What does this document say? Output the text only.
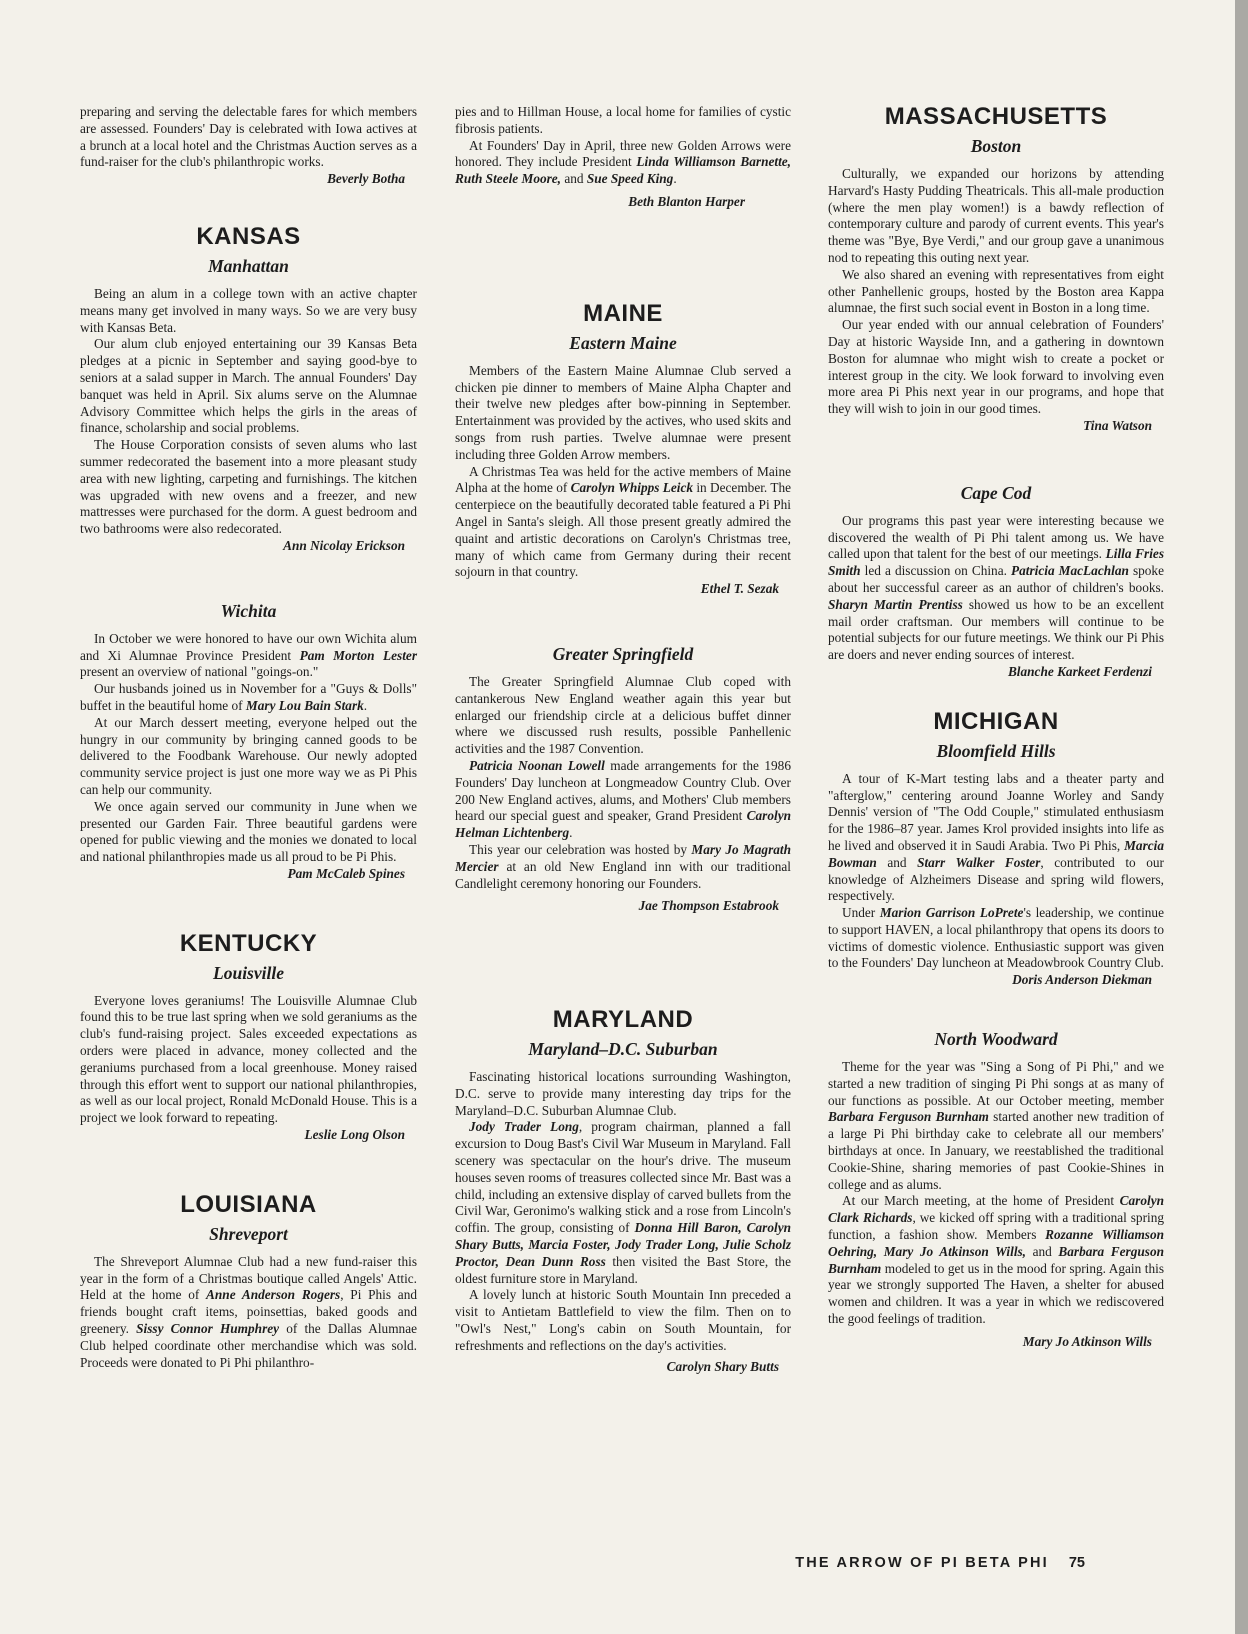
preparing and serving the delectable fares for which members are assessed. Founders' Day is celebrated with Iowa actives at a brunch at a local hotel and the Christmas Auction serves as a fund-raiser for the club's philanthropic works.

Beverly Botha
KANSAS
Manhattan

Being an alum in a college town with an active chapter means many get involved in many ways. So we are very busy with Kansas Beta.

Our alum club enjoyed entertaining our 39 Kansas Beta pledges at a picnic in September and saying good-bye to seniors at a salad supper in March. The annual Founders' Day banquet was held in April. Six alums serve on the Alumnae Advisory Committee which helps the girls in the areas of finance, scholarship and social problems.

The House Corporation consists of seven alums who last summer redecorated the basement into a more pleasant study area with new lighting, carpeting and furnishings. The kitchen was upgraded with new ovens and a freezer, and new mattresses were purchased for the dorm. A guest bedroom and two bathrooms were also redecorated.

Ann Nicolay Erickson
Wichita

In October we were honored to have our own Wichita alum and Xi Alumnae Province President Pam Morton Lester present an overview of national "goings-on."

Our husbands joined us in November for a "Guys & Dolls" buffet in the beautiful home of Mary Lou Bain Stark.

At our March dessert meeting, everyone helped out the hungry in our community by bringing canned goods to be delivered to the Foodbank Warehouse. Our newly adopted community service project is just one more way we as Pi Phis can help our community.

We once again served our community in June when we presented our Garden Fair. Three beautiful gardens were opened for public viewing and the monies we donated to local and national philanthropies made us all proud to be Pi Phis.

Pam McCaleb Spines
KENTUCKY
Louisville

Everyone loves geraniums! The Louisville Alumnae Club found this to be true last spring when we sold geraniums as the club's fund-raising project. Sales exceeded expectations as orders were placed in advance, money collected and the geraniums purchased from a local greenhouse. Money raised through this effort went to support our national philanthropies, as well as our local project, Ronald McDonald House. This is a project we look forward to repeating.

Leslie Long Olson
LOUISIANA
Shreveport

The Shreveport Alumnae Club had a new fund-raiser this year in the form of a Christmas boutique called Angels' Attic. Held at the home of Anne Anderson Rogers, Pi Phis and friends bought craft items, poinsettias, baked goods and greenery. Sissy Connor Humphrey of the Dallas Alumnae Club helped coordinate other merchandise which was sold. Proceeds were donated to Pi Phi philanthro-

pies and to Hillman House, a local home for families of cystic fibrosis patients.

At Founders' Day in April, three new Golden Arrows were honored. They include President Linda Williamson Barnette, Ruth Steele Moore, and Sue Speed King.

Beth Blanton Harper
MAINE
Eastern Maine

Members of the Eastern Maine Alumnae Club served a chicken pie dinner to members of Maine Alpha Chapter and their twelve new pledges after bow-pinning in September. Entertainment was provided by the actives, who used skits and songs from rush parties. Twelve alumnae were present including three Golden Arrow members.

A Christmas Tea was held for the active members of Maine Alpha at the home of Carolyn Whipps Leick in December. The centerpiece on the beautifully decorated table featured a Pi Phi Angel in Santa's sleigh. All those present greatly admired the quaint and artistic decorations on Carolyn's Christmas tree, many of which came from Germany during their recent sojourn in that country.

Ethel T. Sezak
Greater Springfield

The Greater Springfield Alumnae Club coped with cantankerous New England weather again this year but enlarged our friendship circle at a delicious buffet dinner where we discussed rush results, possible Panhellenic activities and the 1987 Convention.

Patricia Noonan Lowell made arrangements for the 1986 Founders' Day luncheon at Longmeadow Country Club. Over 200 New England actives, alums, and Mothers' Club members heard our special guest and speaker, Grand President Carolyn Helman Lichtenberg.

This year our celebration was hosted by Mary Jo Magrath Mercier at an old New England inn with our traditional Candlelight ceremony honoring our Founders.

Jae Thompson Estabrook
MARYLAND
Maryland–D.C. Suburban

Fascinating historical locations surrounding Washington, D.C. serve to provide many interesting day trips for the Maryland–D.C. Suburban Alumnae Club.

Jody Trader Long, program chairman, planned a fall excursion to Doug Bast's Civil War Museum in Maryland. Fall scenery was spectacular on the hour's drive. The museum houses seven rooms of treasures collected since Mr. Bast was a child, including an extensive display of carved bullets from the Civil War, Geronimo's walking stick and a rose from Lincoln's coffin. The group, consisting of Donna Hill Baron, Carolyn Shary Butts, Marcia Foster, Jody Trader Long, Julie Scholz Proctor, Dean Dunn Ross then visited the Bast Store, the oldest furniture store in Maryland.

A lovely lunch at historic South Mountain Inn preceded a visit to Antietam Battlefield to view the film. Then on to "Owl's Nest," Long's cabin on South Mountain, for refreshments and reflections on the day's activities.

Carolyn Shary Butts
MASSACHUSETTS
Boston

Culturally, we expanded our horizons by attending Harvard's Hasty Pudding Theatricals. This all-male production (where the men play women!) is a bawdy reflection of contemporary culture and parody of current events. This year's theme was "Bye, Bye Verdi," and our group gave a unanimous nod to repeating this outing next year.

We also shared an evening with representatives from eight other Panhellenic groups, hosted by the Boston area Kappa alumnae, the first such social event in Boston in a long time.

Our year ended with our annual celebration of Founders' Day at historic Wayside Inn, and a gathering in downtown Boston for alumnae who might wish to create a pocket or interest group in the city. We look forward to involving even more area Pi Phis next year in our programs, and hope that they will wish to join in our good times.

Tina Watson
Cape Cod

Our programs this past year were interesting because we discovered the wealth of Pi Phi talent among us. We have called upon that talent for the best of our meetings. Lilla Fries Smith led a discussion on China. Patricia MacLachlan spoke about her successful career as an author of children's books. Sharyn Martin Prentiss showed us how to be an excellent mail order craftsman. Our members will continue to be potential subjects for our future meetings. We think our Pi Phis are doers and never ending sources of interest.

Blanche Karkeet Ferdenzi
MICHIGAN
Bloomfield Hills

A tour of K-Mart testing labs and a theater party and "afterglow," centering around Joanne Worley and Sandy Dennis' version of "The Odd Couple," stimulated enthusiasm for the 1986–87 year. James Krol provided insights into life as he lived and observed it in Saudi Arabia. Two Pi Phis, Marcia Bowman and Starr Walker Foster, contributed to our knowledge of Alzheimers Disease and spring wild flowers, respectively.

Under Marion Garrison LoPrete's leadership, we continue to support HAVEN, a local philanthropy that opens its doors to victims of domestic violence. Enthusiastic support was given to the Founders' Day luncheon at Meadowbrook Country Club.

Doris Anderson Diekman
North Woodward

Theme for the year was "Sing a Song of Pi Phi," and we started a new tradition of singing Pi Phi songs at as many of our functions as possible. At our October meeting, member Barbara Ferguson Burnham started another new tradition of a large Pi Phi birthday cake to celebrate all our members' birthdays at once. In January, we reestablished the traditional Cookie-Shine, sharing memories of past Cookie-Shines in college and as alums.

At our March meeting, at the home of President Carolyn Clark Richards, we kicked off spring with a traditional spring function, a fashion show. Members Rozanne Williamson Oehring, Mary Jo Atkinson Wills, and Barbara Ferguson Burnham modeled to get us in the mood for spring. Again this year we strongly supported The Haven, a shelter for abused women and children. It was a year in which we rediscovered the good feelings of tradition.

Mary Jo Atkinson Wills
THE ARROW OF PI BETA PHI 75
